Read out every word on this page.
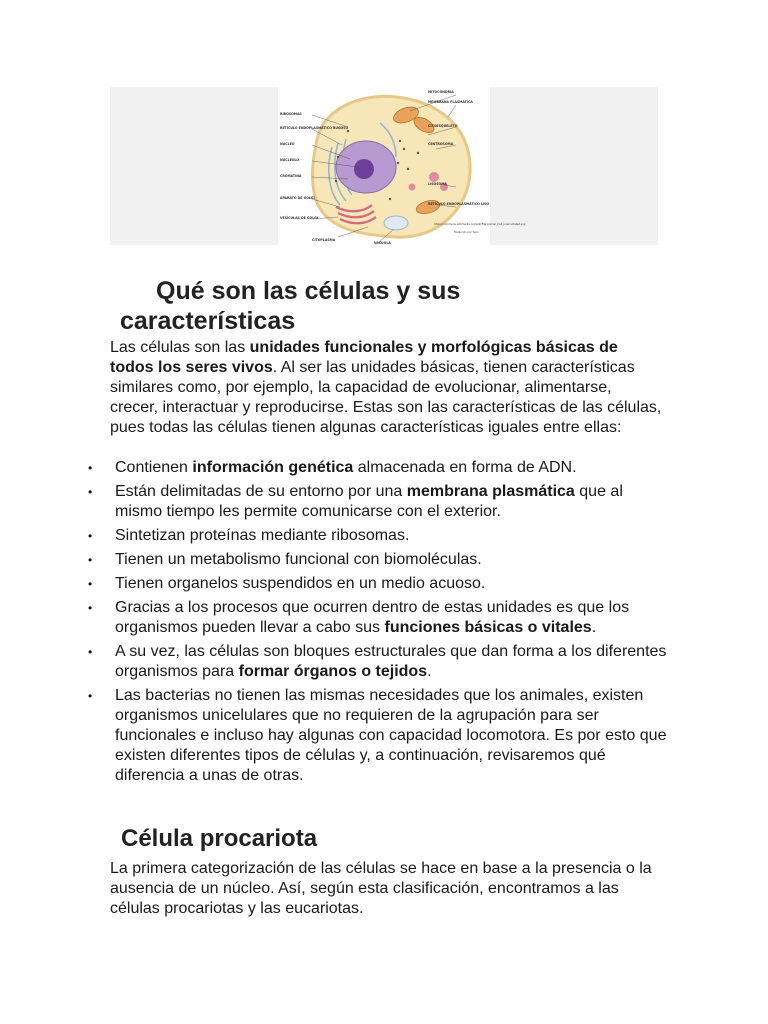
RIBOSOMAS
RETÍCULO ENDOPLASMÁTICO RUGOSO
NÚCLEO
NUCLEOLO
CROMATINA
APARATO DE GOLGI
VESÍCULAS DE GOLGI
CITOPLASMA
MITOCONDRIA
MEMBRANA PLASMÁTICA
CITOESQUELETO
CENTROSOMA
LISOSOMA
RETÍCULO ENDOPLASMÁTICO LISO
VACUOLA
https://commons.wikimedia.org/wiki/File:Animal_Cell_unannotated.svg
Traducido por Yuzu
Qué son las células y sus
características

Las células son las unidades funcionales y morfológicas básicas de todos los seres vivos. Al ser las unidades básicas, tienen características similares como, por ejemplo, la capacidad de evolucionar, alimentarse, crecer, interactuar y reproducirse. Estas son las características de las células, pues todas las células tienen algunas características iguales entre ellas:

• Contienen información genética almacenada en forma de ADN.
• Están delimitadas de su entorno por una membrana plasmática que al mismo tiempo les permite comunicarse con el exterior.
• Sintetizan proteínas mediante ribosomas.
• Tienen un metabolismo funcional con biomoléculas.
• Tienen organelos suspendidos en un medio acuoso.
• Gracias a los procesos que ocurren dentro de estas unidades es que los organismos pueden llevar a cabo sus funciones básicas o vitales.
• A su vez, las células son bloques estructurales que dan forma a los diferentes organismos para formar órganos o tejidos.
• Las bacterias no tienen las mismas necesidades que los animales, existen organismos unicelulares que no requieren de la agrupación para ser funcionales e incluso hay algunas con capacidad locomotora. Es por esto que existen diferentes tipos de células y, a continuación, revisaremos qué diferencia a unas de otras.
Célula procariota

La primera categorización de las células se hace en base a la presencia o la ausencia de un núcleo. Así, según esta clasificación, encontramos a las células procariotas y las eucariotas.
